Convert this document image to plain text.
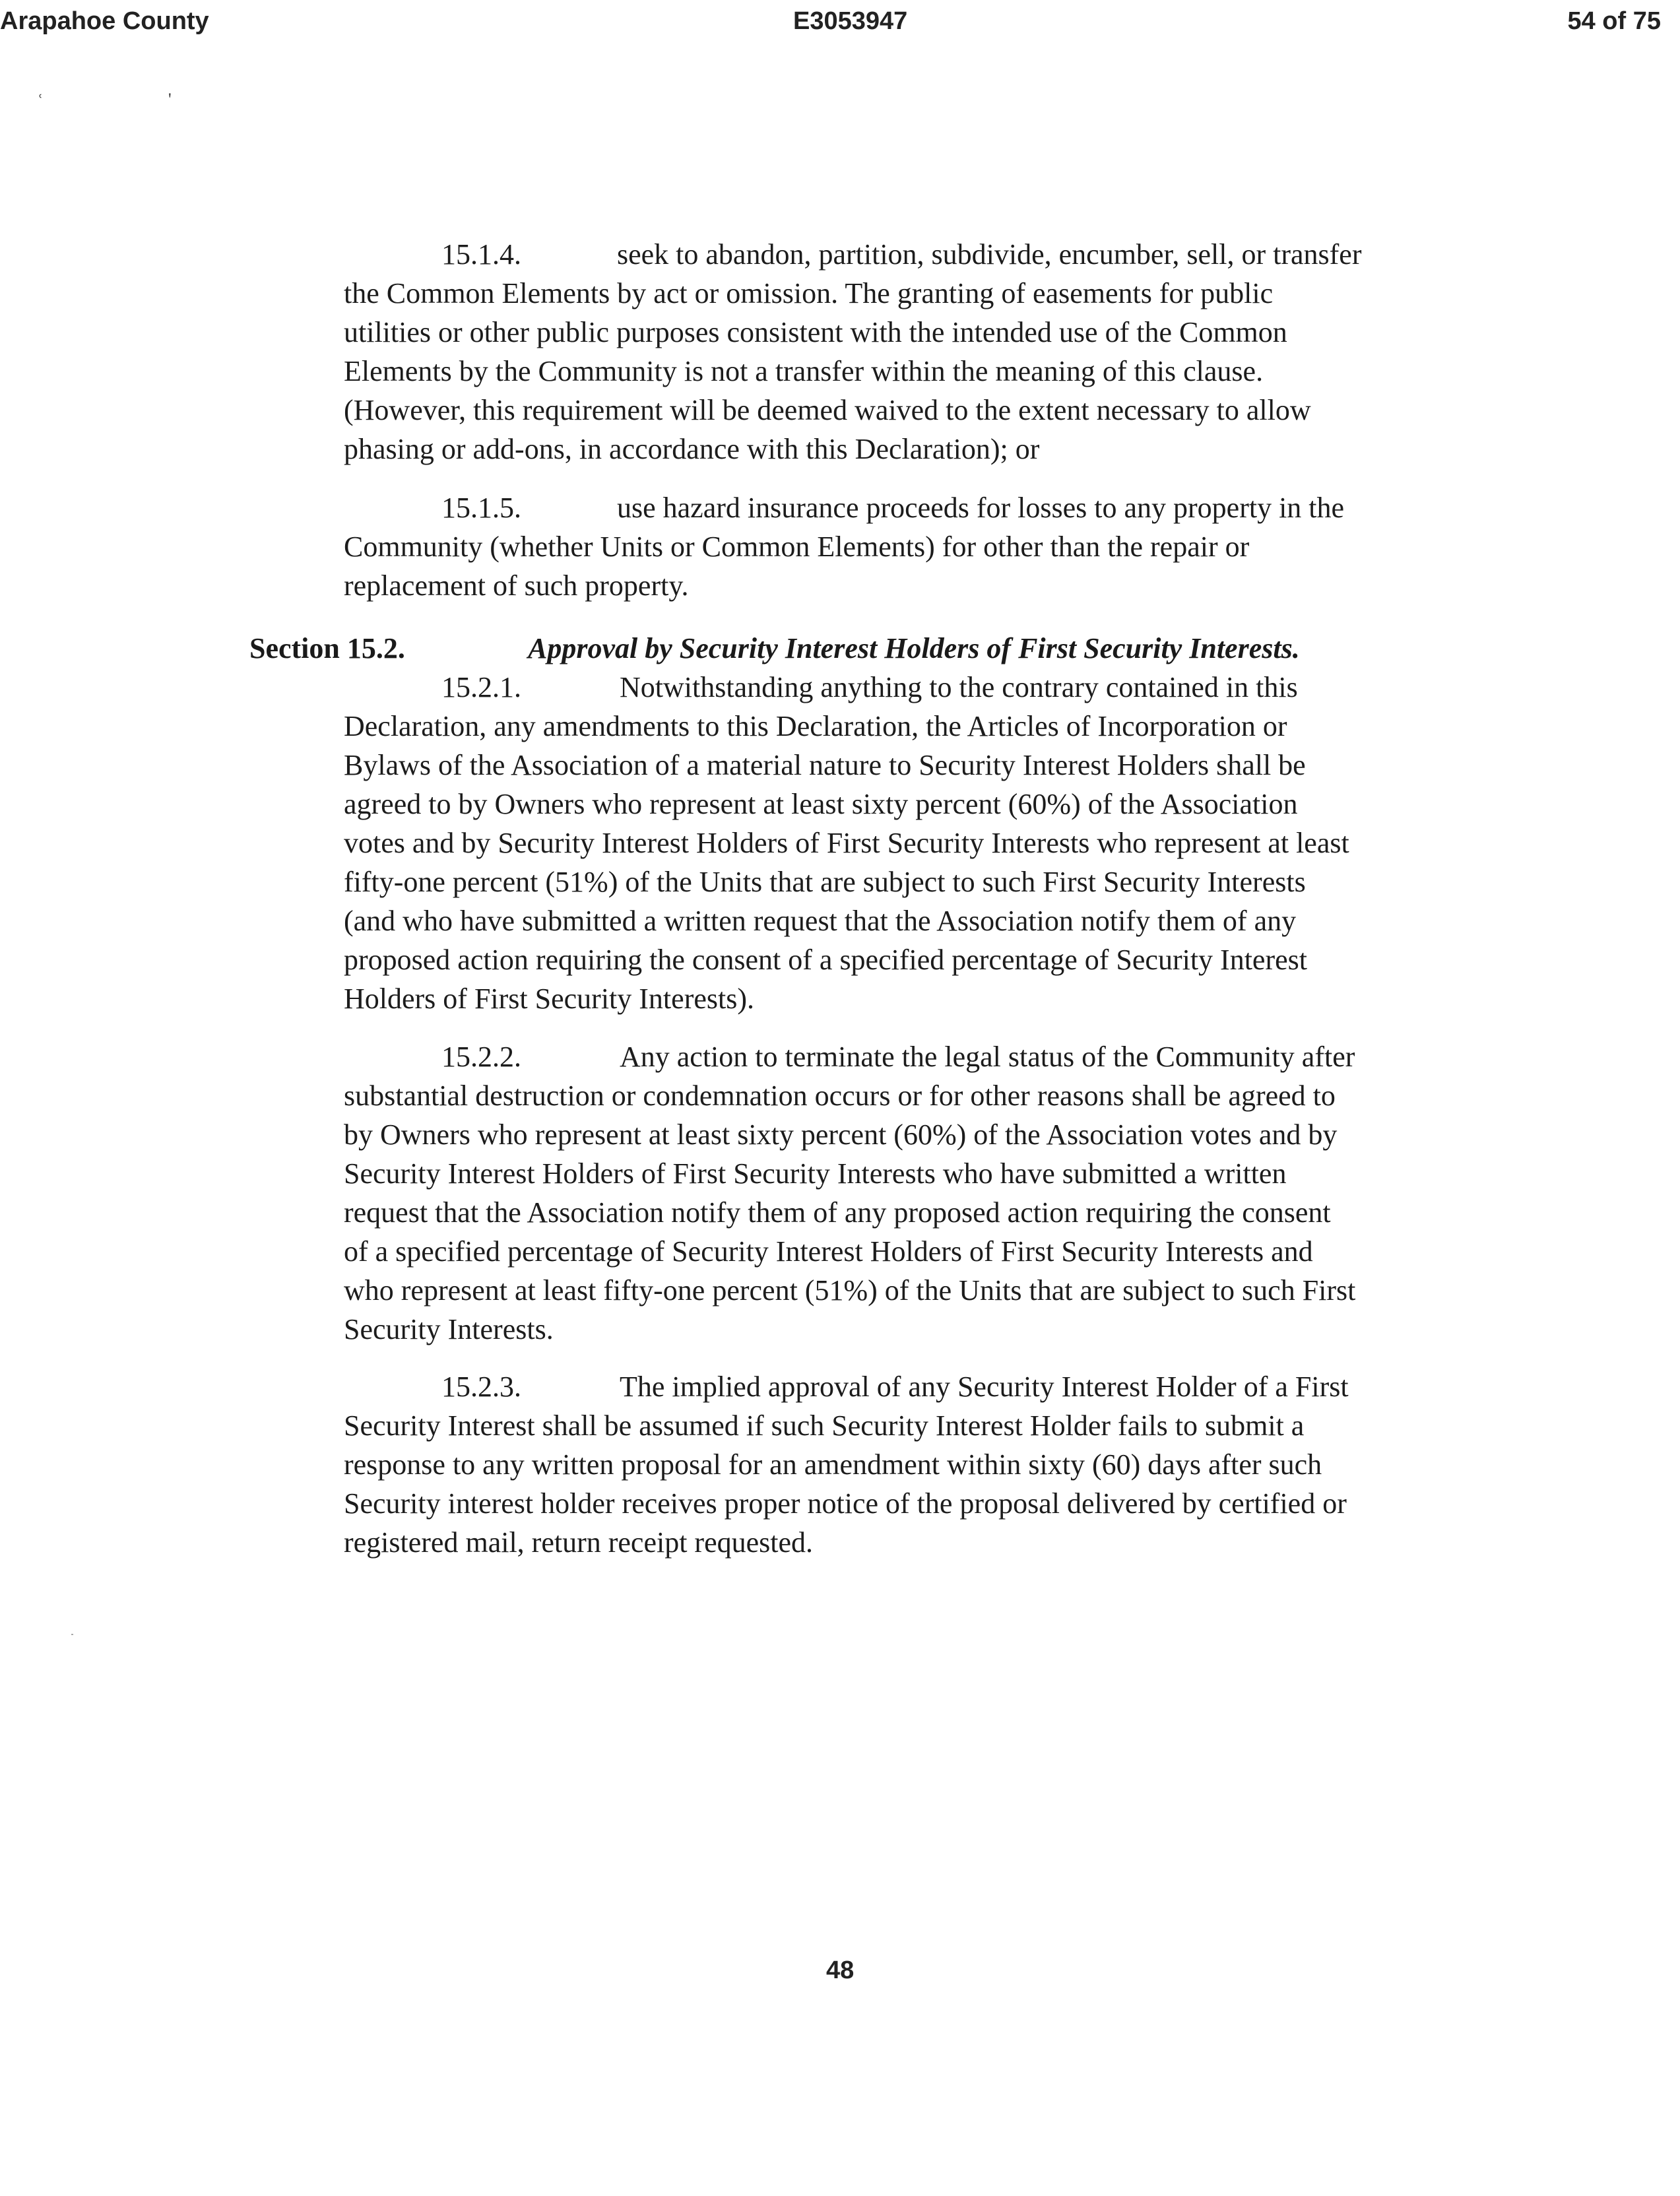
Arapahoe County	E3053947	54 of 75
ʿ	'
15.1.4.	seek to abandon, partition, subdivide, encumber, sell, or transfer
the Common Elements by act or omission. The granting of easements for public
utilities or other public purposes consistent with the intended use of the Common
Elements by the Community is not a transfer within the meaning of this clause.
(However, this requirement will be deemed waived to the extent necessary to allow
phasing or add-ons, in accordance with this Declaration); or
15.1.5.	use hazard insurance proceeds for losses to any property in the
Community (whether Units or Common Elements) for other than the repair or
replacement of such property.
Section 15.2.	Approval by Security Interest Holders of First Security Interests.
15.2.1.	Notwithstanding anything to the contrary contained in this
Declaration, any amendments to this Declaration, the Articles of Incorporation or
Bylaws of the Association of a material nature to Security Interest Holders shall be
agreed to by Owners who represent at least sixty percent (60%) of the Association
votes and by Security Interest Holders of First Security Interests who represent at least
fifty-one percent (51%) of the Units that are subject to such First Security Interests
(and who have submitted a written request that the Association notify them of any
proposed action requiring the consent of a specified percentage of Security Interest
Holders of First Security Interests).
15.2.2.	Any action to terminate the legal status of the Community after
substantial destruction or condemnation occurs or for other reasons shall be agreed to
by Owners who represent at least sixty percent (60%) of the Association votes and by
Security Interest Holders of First Security Interests who have submitted a written
request that the Association notify them of any proposed action requiring the consent
of a specified percentage of Security Interest Holders of First Security Interests and
who represent at least fifty-one percent (51%) of the Units that are subject to such First
Security Interests.
15.2.3.	The implied approval of any Security Interest Holder of a First
Security Interest shall be assumed if such Security Interest Holder fails to submit a
response to any written proposal for an amendment within sixty (60) days after such
Security interest holder receives proper notice of the proposal delivered by certified or
registered mail, return receipt requested.
48
